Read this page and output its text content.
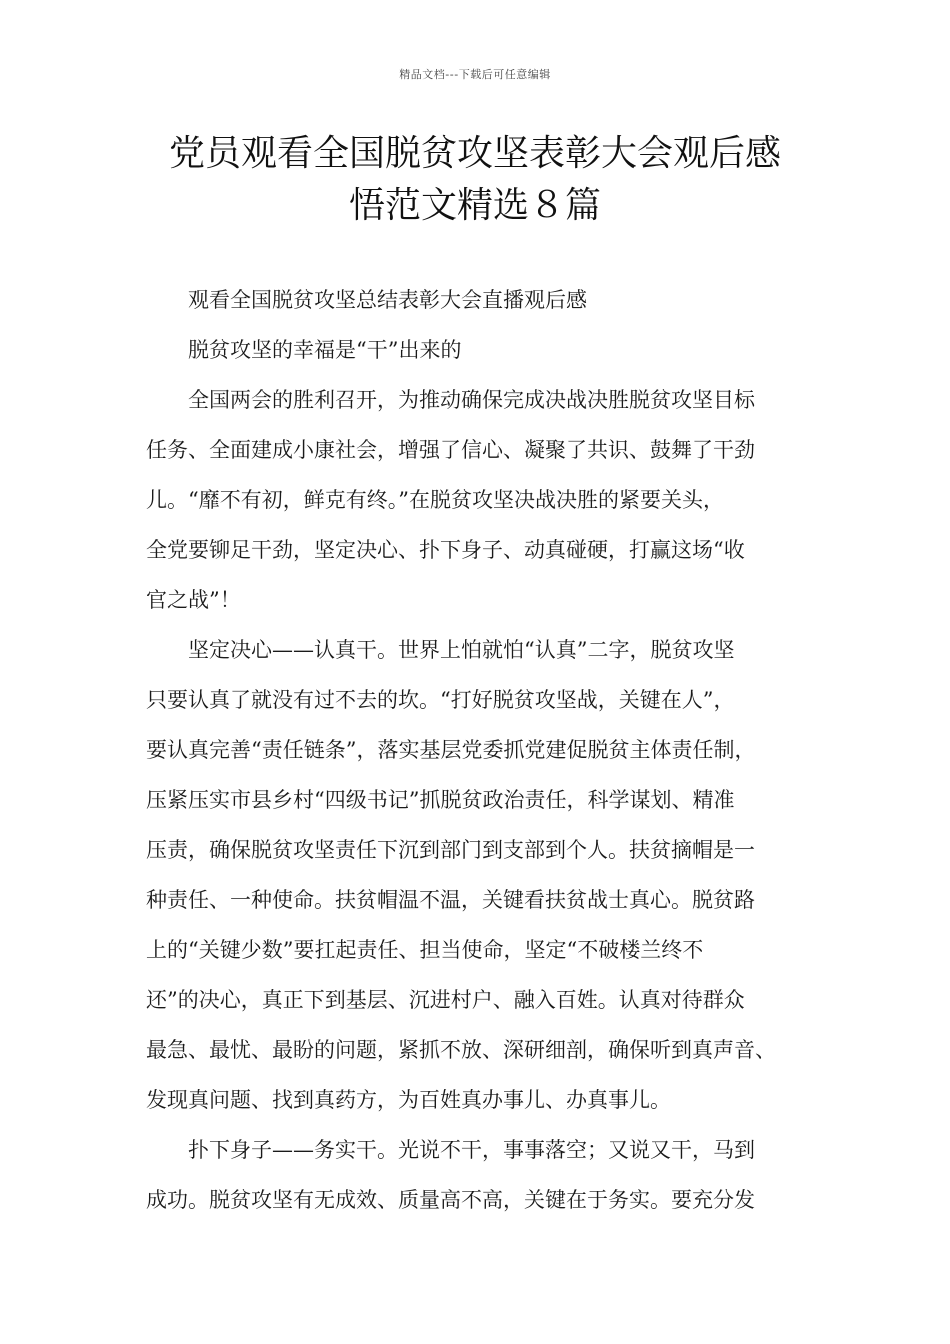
精品文档---下载后可任意编辑
党员观看全国脱贫攻坚表彰大会观后感
悟范文精选８篇

观看全国脱贫攻坚总结表彰大会直播观后感

脱贫攻坚的幸福是“干”出来的

全国两会的胜利召开，为推动确保完成决战决胜脱贫攻坚目标

任务、全面建成小康社会，增强了信心、凝聚了共识、鼓舞了干劲

儿。“靡不有初，鲜克有终。”在脱贫攻坚决战决胜的紧要关头，

全党要铆足干劲，坚定决心、扑下身子、动真碰硬，打赢这场“收

官之战”！

坚定决心——认真干。世界上怕就怕“认真”二字，脱贫攻坚

只要认真了就没有过不去的坎。“打好脱贫攻坚战，关键在人”，

要认真完善“责任链条”，落实基层党委抓党建促脱贫主体责任制，

压紧压实市县乡村“四级书记”抓脱贫政治责任，科学谋划、精准

压责，确保脱贫攻坚责任下沉到部门到支部到个人。扶贫摘帽是一

种责任、一种使命。扶贫帽温不温，关键看扶贫战士真心。脱贫路

上的“关键少数”要扛起责任、担当使命，坚定“不破楼兰终不

还”的决心，真正下到基层、沉进村户、融入百姓。认真对待群众

最急、最忧、最盼的问题，紧抓不放、深研细剖，确保听到真声音、

发现真问题、找到真药方，为百姓真办事儿、办真事儿。

扑下身子——务实干。光说不干，事事落空；又说又干，马到

成功。脱贫攻坚有无成效、质量高不高，关键在于务实。要充分发
